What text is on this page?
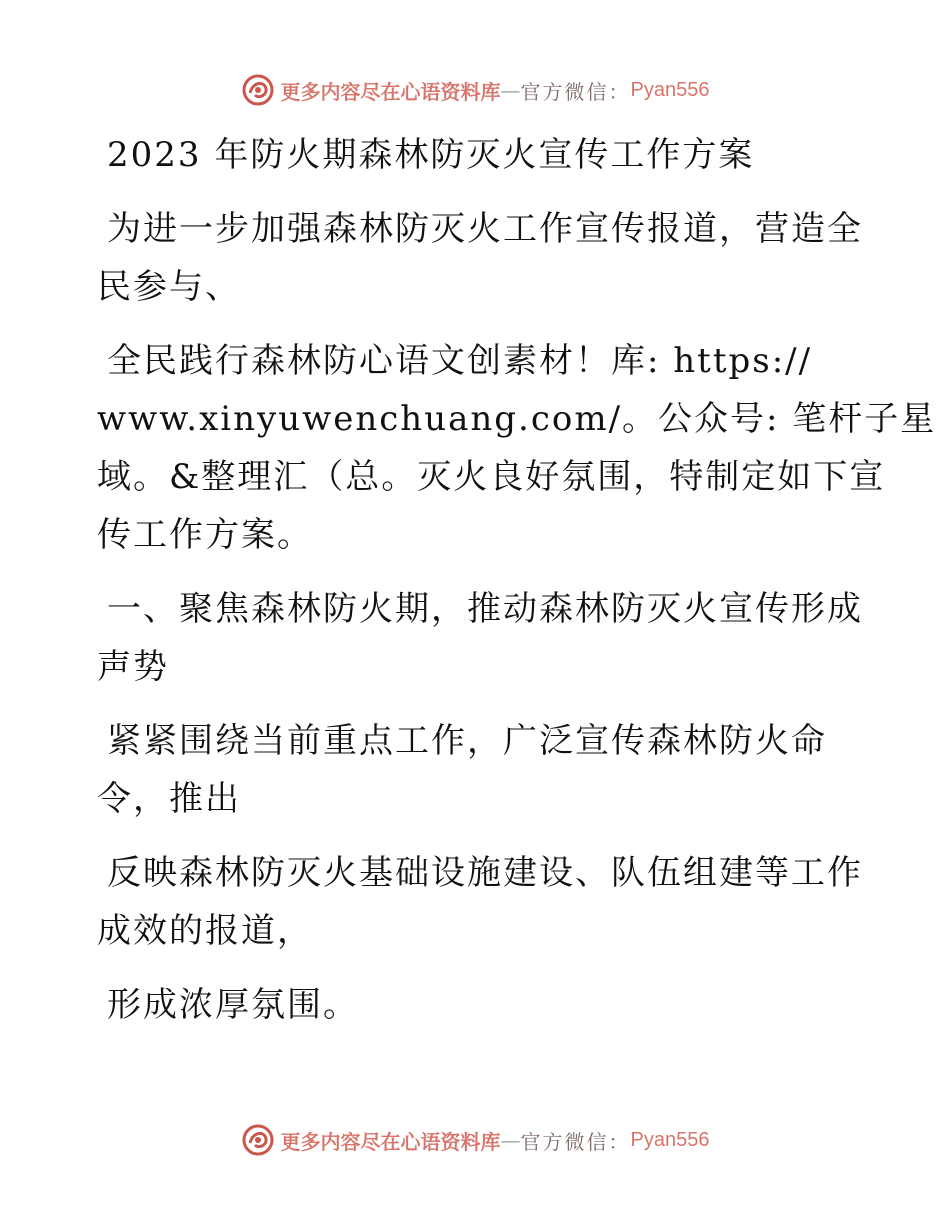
更多内容尽在心语资料库 — 官方微信： Pyan556
2023 年防火期森林防灭火宣传工作方案
为进一步加强森林防灭火工作宣传报道，营造全
民参与、
全民践行森林防心语文创素材！库: https://
www.xinyuwenchuang.com/。公众号: 笔杆子星
域。&整理汇（总。灭火良好氛围，特制定如下宣
传工作方案。
一、聚焦森林防火期，推动森林防灭火宣传形成
声势
紧紧围绕当前重点工作，广泛宣传森林防火命
令，推出
反映森林防灭火基础设施建设、队伍组建等工作
成效的报道，
形成浓厚氛围。
更多内容尽在心语资料库 — 官方微信： Pyan556
